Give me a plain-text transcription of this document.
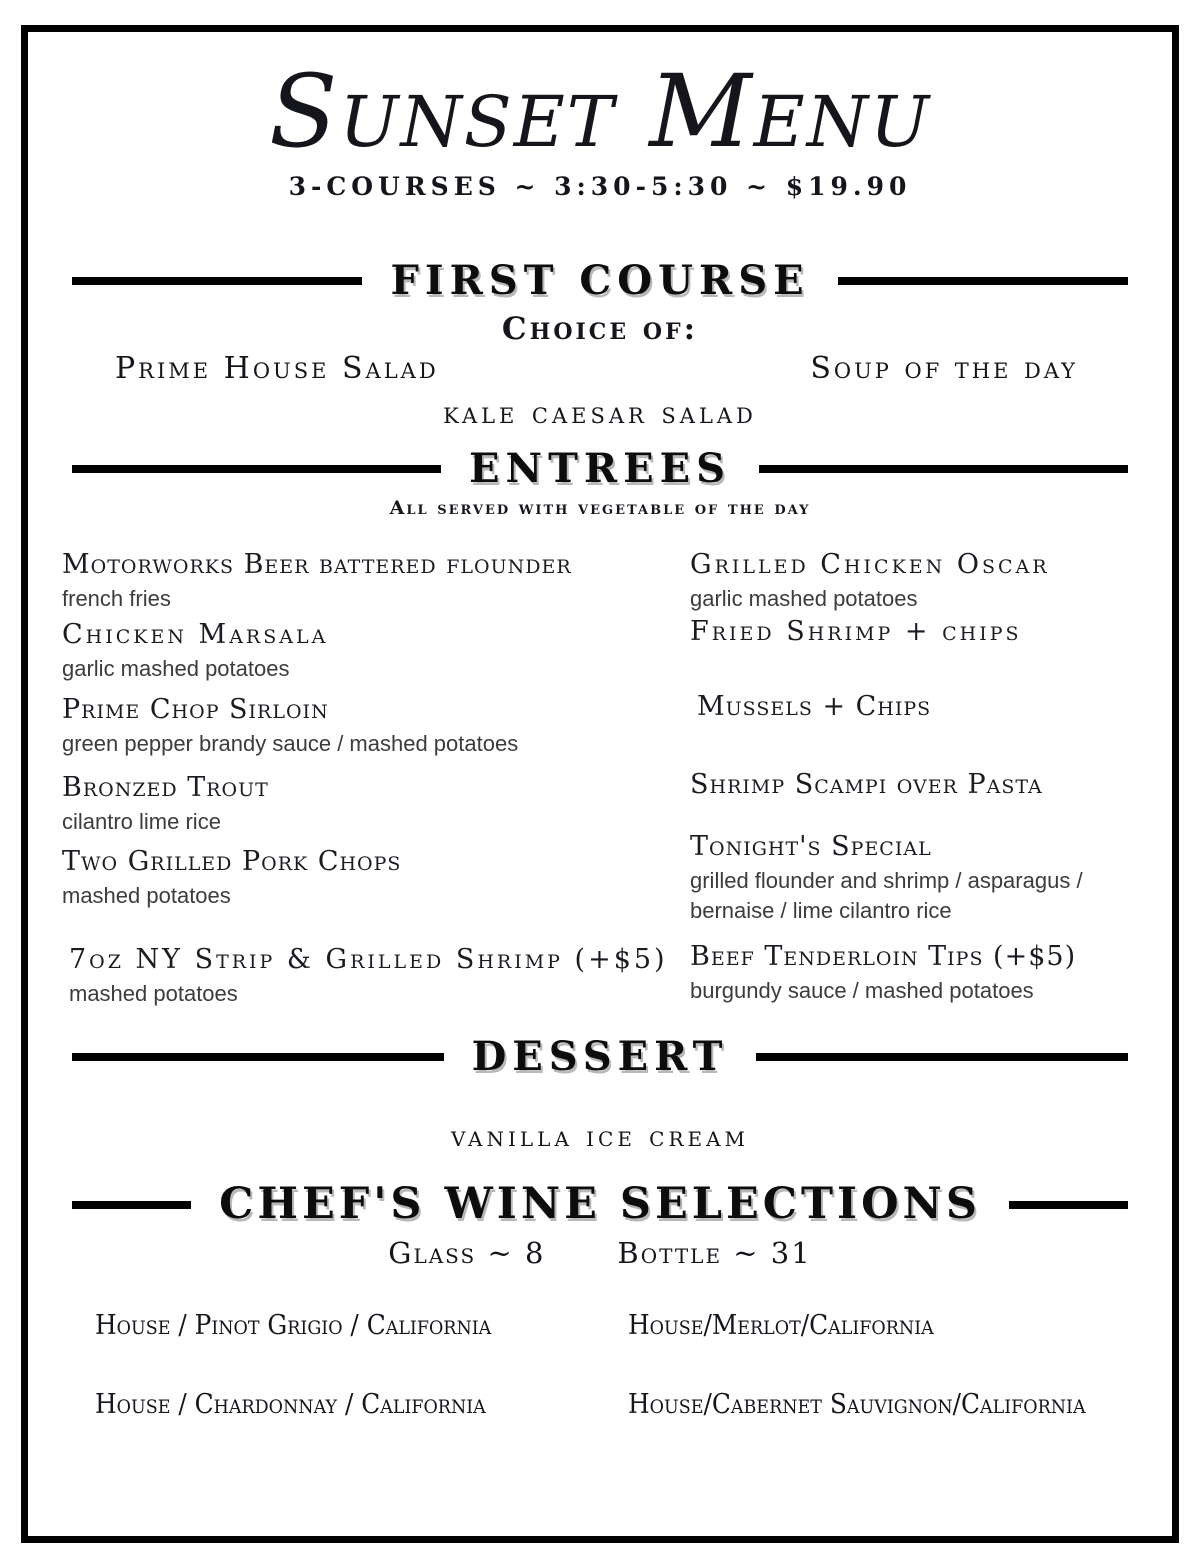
Sunset Menu
3-COURSES ~ 3:30-5:30 ~ $19.90
FIRST COURSE
Choice of:
Prime House Salad	Soup of the day
kale caesar salad
ENTREES
All served with vegetable of the day
Motorworks Beer battered flounder
french fries
Chicken Marsala
garlic mashed potatoes
Prime Chop Sirloin
green pepper brandy sauce / mashed potatoes
Bronzed Trout
cilantro lime rice
Two Grilled Pork Chops
mashed potatoes
7oz NY Strip & Grilled Shrimp (+$5)
mashed potatoes
Grilled Chicken Oscar
garlic mashed potatoes
Fried Shrimp + chips
Mussels + Chips
Shrimp Scampi over Pasta
Tonight's Special
grilled flounder and shrimp / asparagus / bernaise / lime cilantro rice
Beef Tenderloin Tips (+$5)
burgundy sauce / mashed potatoes
DESSERT
vanilla ice cream
CHEF'S WINE SELECTIONS
Glass ~ 8 Bottle ~ 31
House / Pinot Grigio / California	House/Merlot/California
House / Chardonnay / California	House/Cabernet Sauvignon/California
